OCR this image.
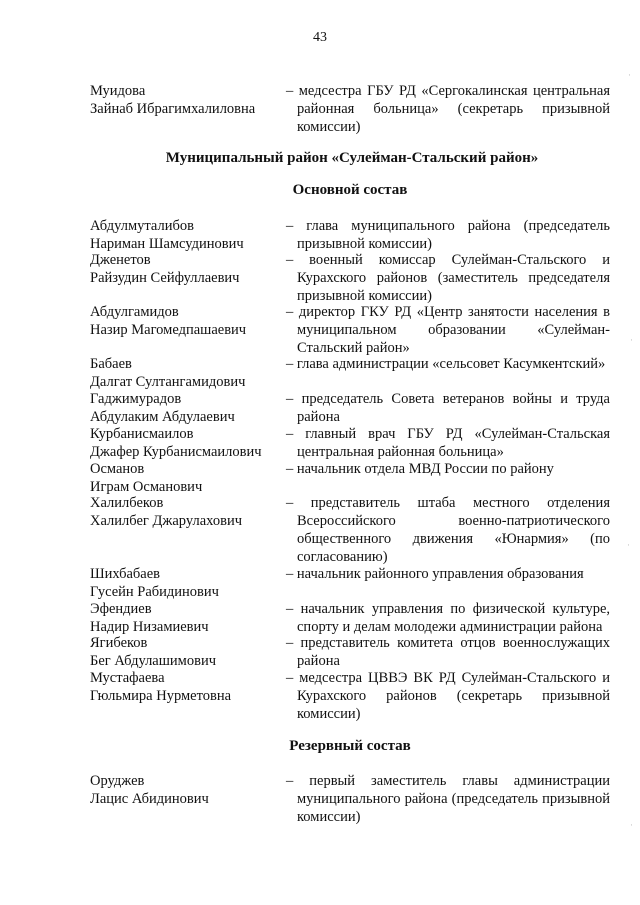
43
Муидова
Зайнаб Ибрагимхалиловна
– медсестра ГБУ РД «Сергокалинская центральная районная больница» (секретарь призывной комиссии)
Муниципальный район «Сулейман-Стальский район»
Основной состав
Абдулмуталибов
Нариман Шамсудинович
– глава муниципального района (председатель призывной комиссии)
Дженетов
Райзудин Сейфуллаевич
– военный комиссар Сулейман-Стальского и Курахского районов (заместитель председателя призывной комиссии)
Абдулгамидов
Назир Магомедпашаевич
– директор ГКУ РД «Центр занятости населения в муниципальном образовании «Сулейман-Стальский район»
Бабаев
Далгат Султангамидович
– глава администрации «сельсовет Касумкентский»
Гаджимурадов
Абдулаким Абдулаевич
– председатель Совета ветеранов войны и труда района
Курбанисмаилов
Джафер Курбанисмаилович
– главный врач ГБУ РД «Сулейман-Стальская центральная районная больница»
Османов
Играм Османович
– начальник отдела МВД России по району
Халилбеков
Халилбег Джарулахович
– представитель штаба местного отделения Всероссийского военно-патриотического общественного движения «Юнармия» (по согласованию)
Шихбабаев
Гусейн Рабидинович
– начальник районного управления образования
Эфендиев
Надир Низамиевич
– начальник управления по физической культуре, спорту и делам молодежи администрации района
Ягибеков
Бег Абдулашимович
– представитель комитета отцов военнослужащих района
Мустафаева
Гюльмира Нурметовна
– медсестра ЦВВЭ ВК РД Сулейман-Стальского и Курахского районов (секретарь призывной комиссии)
Резервный состав
Оруджев
Лацис Абидинович
– первый заместитель главы администрации муниципального района (председатель призывной комиссии)
·
·
·
·
